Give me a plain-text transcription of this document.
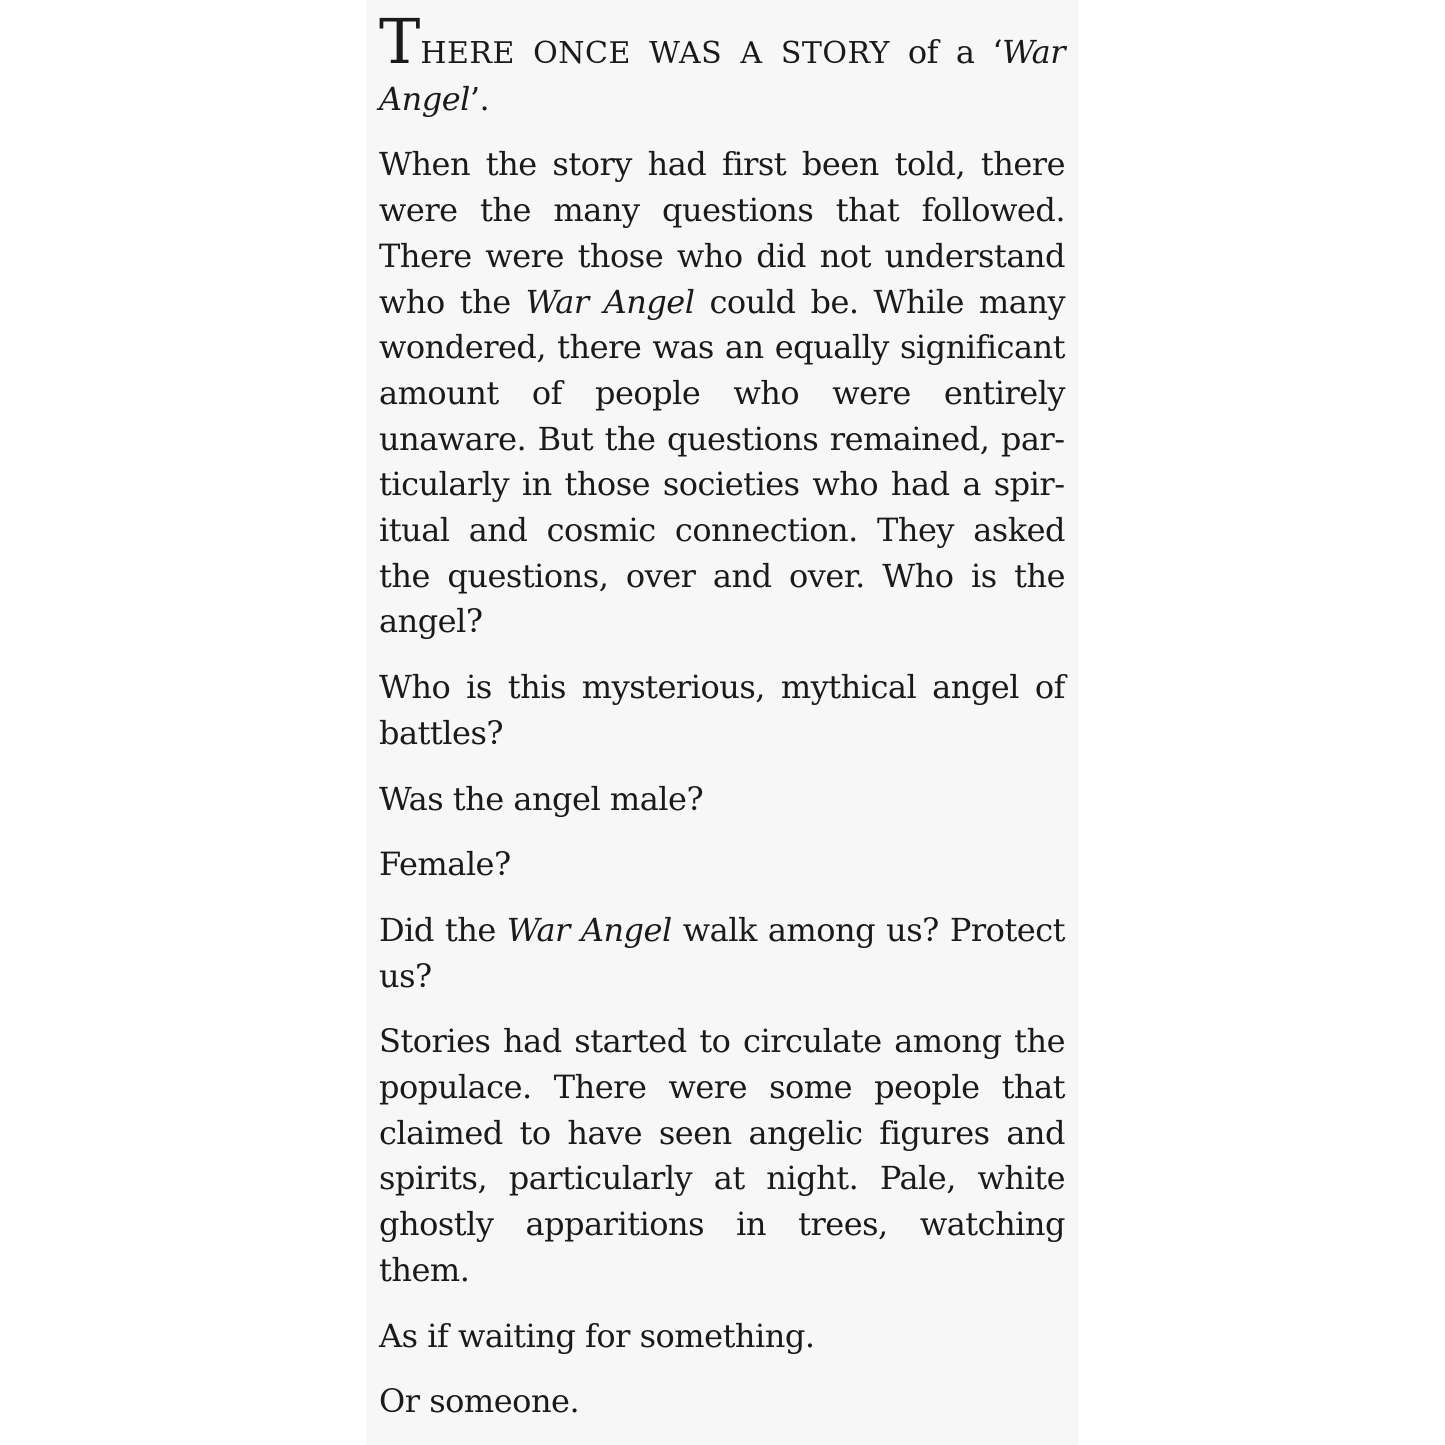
THERE ONCE WAS A STORY of a ‘War Angel’.

When the story had first been told, there were the many questions that followed. There were those who did not understand who the War Angel could be. While many wondered, there was an equally significant amount of people who were entirely unaware. But the questions remained, particularly in those societies who had a spiritual and cosmic connection. They asked the questions, over and over. Who is the angel?

Who is this mysterious, mythical angel of battles?

Was the angel male?

Female?

Did the War Angel walk among us? Protect us?

Stories had started to circulate among the populace. There were some people that claimed to have seen angelic figures and spirits, particularly at night. Pale, white ghostly apparitions in trees, watching them.

As if waiting for something.

Or someone.
